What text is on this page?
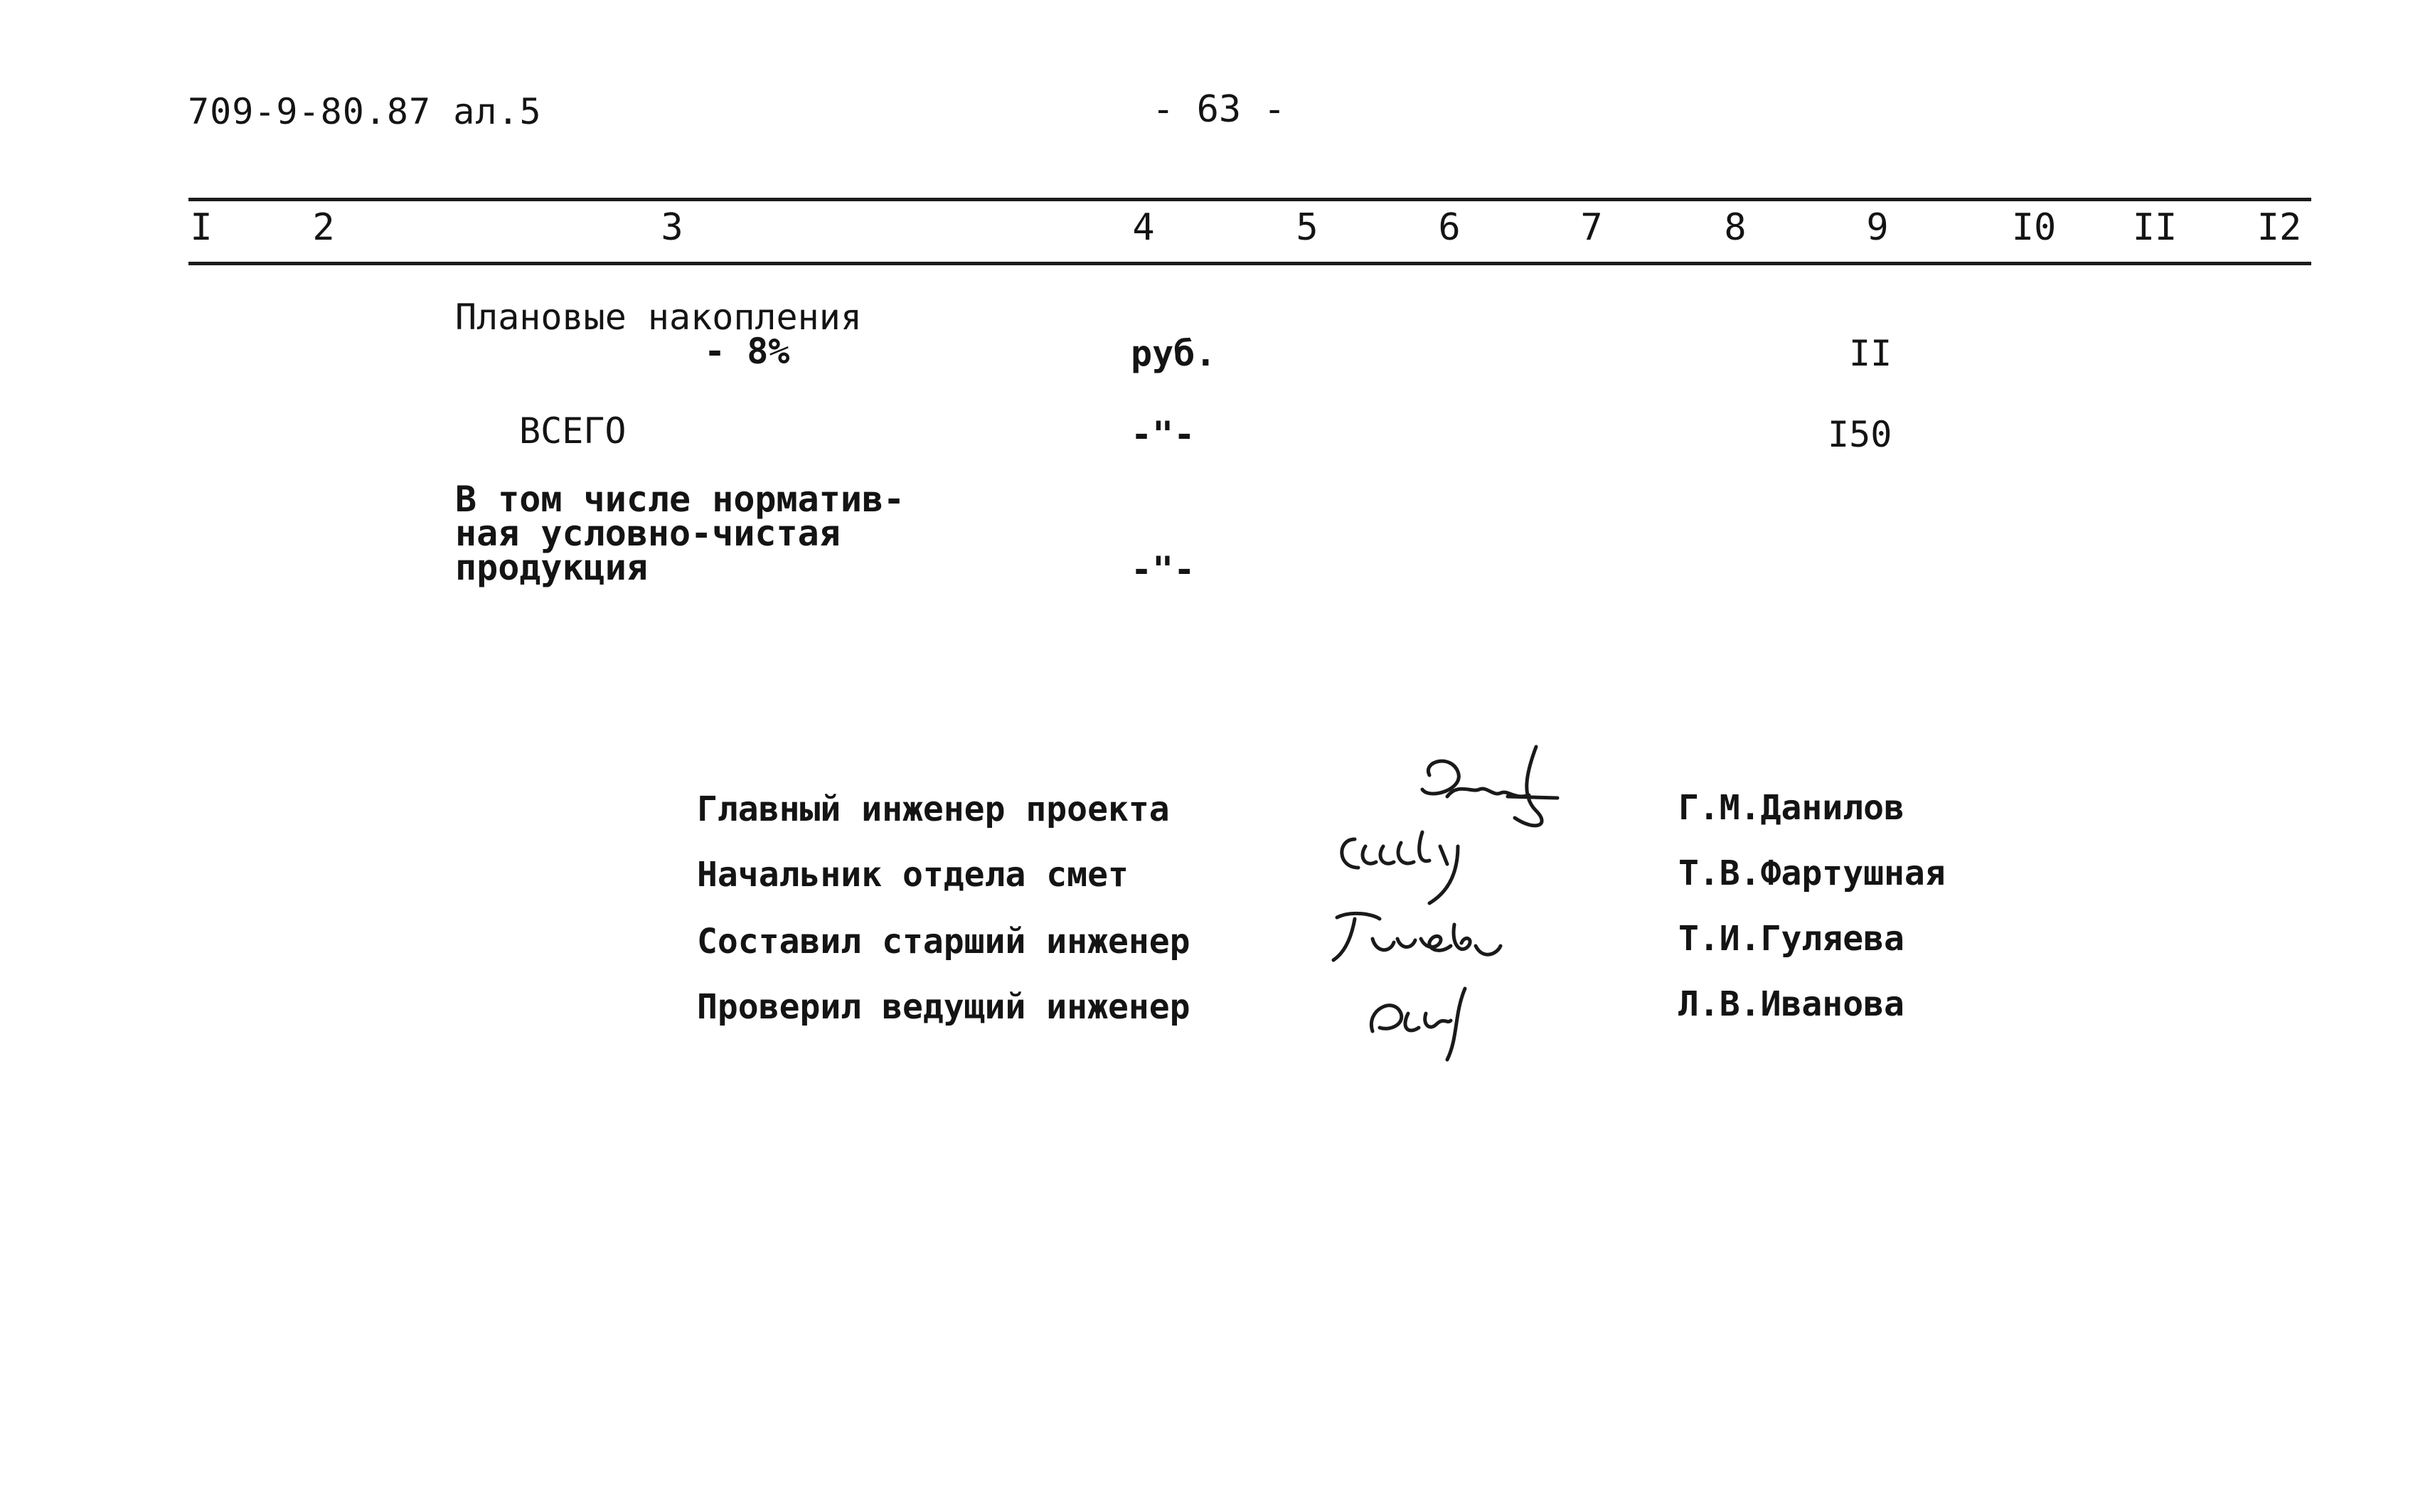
709-9-80.87 ал.5	- 63 -
I	2	3	4	5	6	7	8	9	I0	II	I2
Плановые накопления
- 8%	руб.	II
ВСЕГО	-"-	I50
В том числе норматив-
ная условно-чистая
продукция	-"-
Главный инженер проекта	Г.М.Данилов
Начальник отдела смет	Т.В.Фартушная
Составил старший инженер	Т.И.Гуляева
Проверил ведущий инженер	Л.В.Иванова
